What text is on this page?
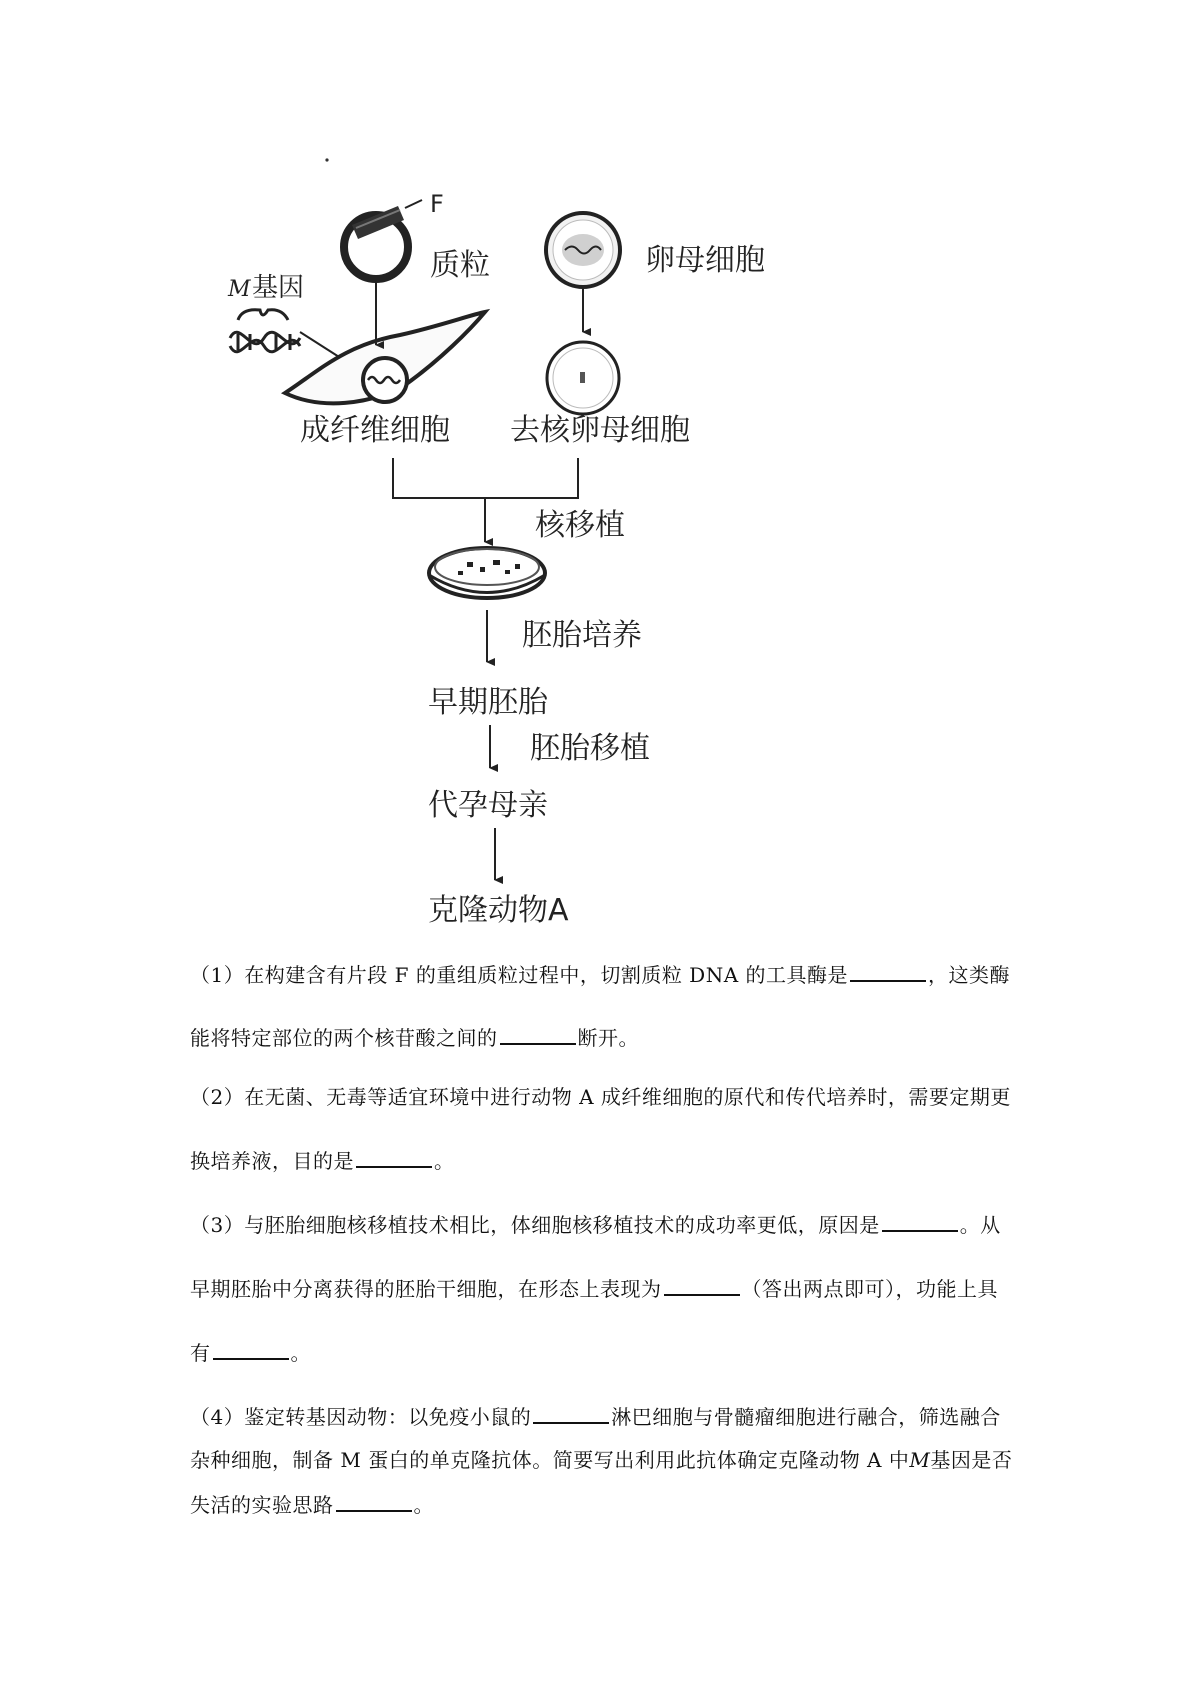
F
质粒	卵母细胞
M 基因
成纤维细胞 去核卵母细胞
核移植
胚胎培养
早期胚胎
胚胎移植
代孕母亲
克隆动物A

（1）在构建含有片段 F 的重组质粒过程中，切割质粒 DNA 的工具酶是	，这类酶

能将特定部位的两个核苷酸之间的	断开。

（2）在无菌、无毒等适宜环境中进行动物 A 成纤维细胞的原代和传代培养时，需要定期更

换培养液，目的是	。

（3）与胚胎细胞核移植技术相比，体细胞核移植技术的成功率更低，原因是	。从

早期胚胎中分离获得的胚胎干细胞，在形态上表现为	（答出两点即可），功能上具

有	。

（4）鉴定转基因动物：以免疫小鼠的	淋巴细胞与骨髓瘤细胞进行融合，筛选融合

杂种细胞，制备 M 蛋白的单克隆抗体。简要写出利用此抗体确定克隆动物 A 中M基因是否

失活的实验思路	。
